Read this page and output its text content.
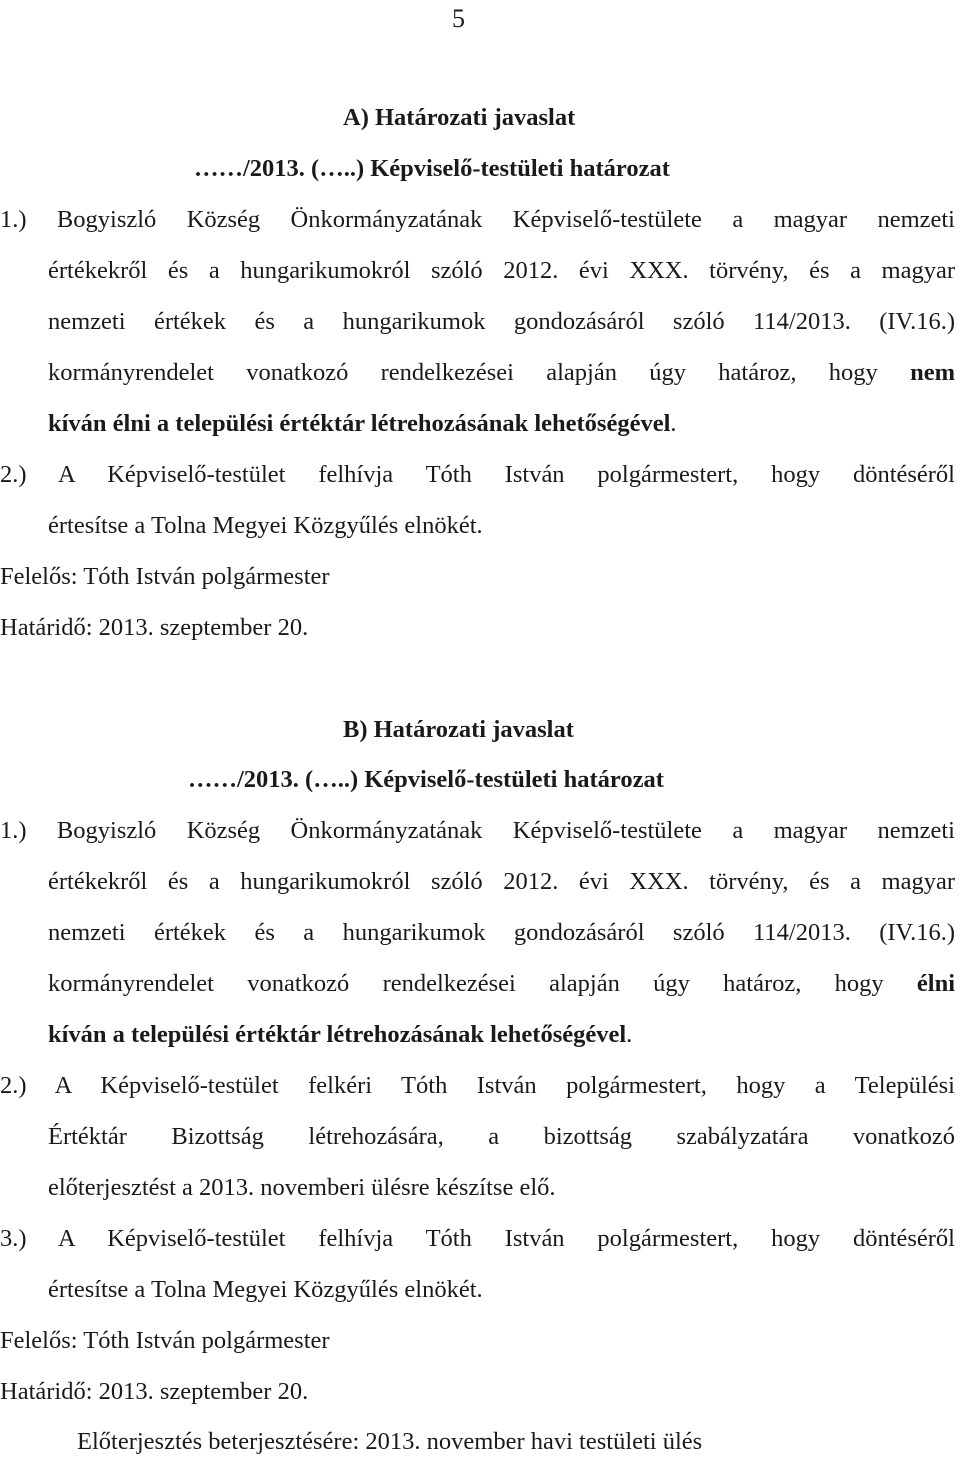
5
A) Határozati javaslat
……/2013. (…..) Képviselő-testületi határozat
1.) Bogyiszló Község Önkormányzatának Képviselő-testülete a magyar nemzeti
értékekről és a hungarikumokról szóló 2012. évi XXX. törvény, és a magyar
nemzeti értékek és a hungarikumok gondozásáról szóló 114/2013. (IV.16.)
kormányrendelet vonatkozó rendelkezései alapján úgy határoz, hogy nem
kíván élni a települési értéktár létrehozásának lehetőségével.
2.) A Képviselő-testület felhívja Tóth István polgármestert, hogy döntéséről
értesítse a Tolna Megyei Közgyűlés elnökét.
Felelős: Tóth István polgármester
Határidő: 2013. szeptember 20.
B) Határozati javaslat
……/2013. (…..) Képviselő-testületi határozat
1.) Bogyiszló Község Önkormányzatának Képviselő-testülete a magyar nemzeti
értékekről és a hungarikumokról szóló 2012. évi XXX. törvény, és a magyar
nemzeti értékek és a hungarikumok gondozásáról szóló 114/2013. (IV.16.)
kormányrendelet vonatkozó rendelkezései alapján úgy határoz, hogy élni
kíván a települési értéktár létrehozásának lehetőségével.
2.) A Képviselő-testület felkéri Tóth István polgármestert, hogy a Települési
Értéktár Bizottság létrehozására, a bizottság szabályzatára vonatkozó
előterjesztést a 2013. novemberi ülésre készítse elő.
3.) A Képviselő-testület felhívja Tóth István polgármestert, hogy döntéséről
értesítse a Tolna Megyei Közgyűlés elnökét.
Felelős: Tóth István polgármester
Határidő: 2013. szeptember 20.
Előterjesztés beterjesztésére: 2013. november havi testületi ülés
